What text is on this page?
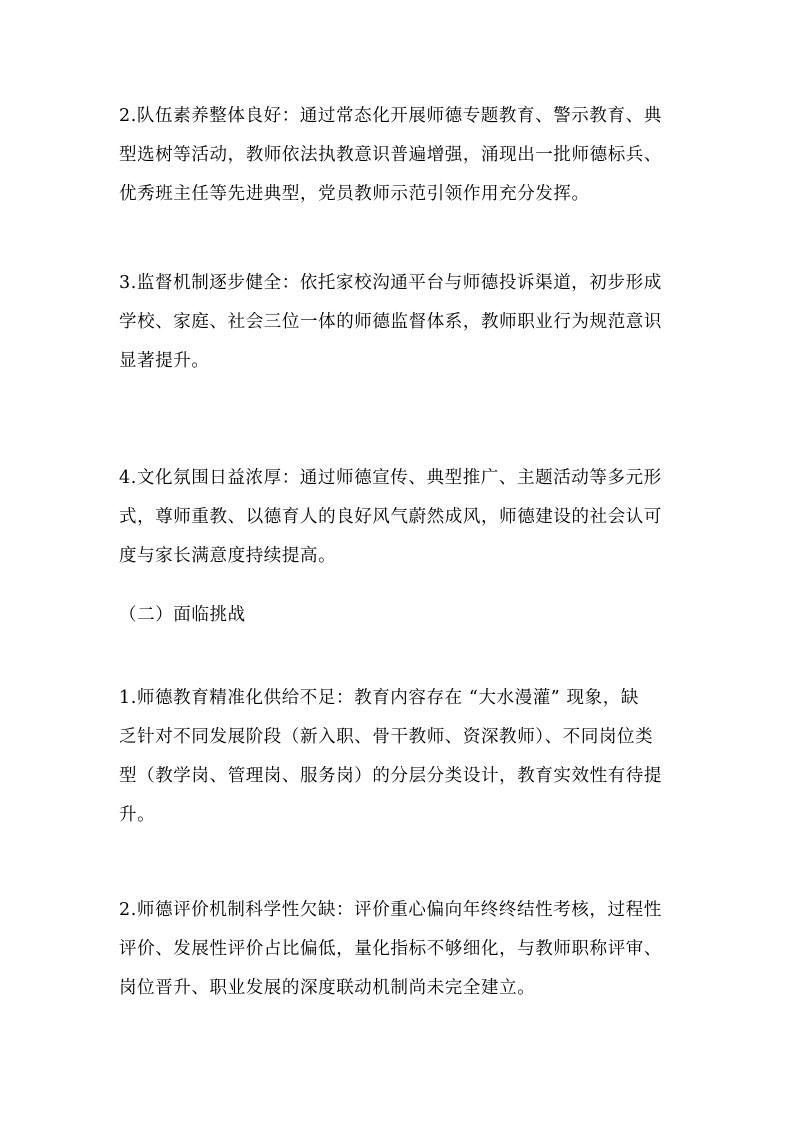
2.队伍素养整体良好：通过常态化开展师德专题教育、警示教育、典
型选树等活动，教师依法执教意识普遍增强，涌现出一批师德标兵、
优秀班主任等先进典型，党员教师示范引领作用充分发挥。

3.监督机制逐步健全：依托家校沟通平台与师德投诉渠道，初步形成
学校、家庭、社会三位一体的师德监督体系，教师职业行为规范意识
显著提升。

4.文化氛围日益浓厚：通过师德宣传、典型推广、主题活动等多元形
式，尊师重教、以德育人的良好风气蔚然成风，师德建设的社会认可
度与家长满意度持续提高。

（二）面临挑战

1.师德教育精准化供给不足：教育内容存在 “大水漫灌” 现象，缺
乏针对不同发展阶段（新入职、骨干教师、资深教师）、不同岗位类
型（教学岗、管理岗、服务岗）的分层分类设计，教育实效性有待提
升。

2.师德评价机制科学性欠缺：评价重心偏向年终终结性考核，过程性
评价、发展性评价占比偏低，量化指标不够细化，与教师职称评审、
岗位晋升、职业发展的深度联动机制尚未完全建立。
